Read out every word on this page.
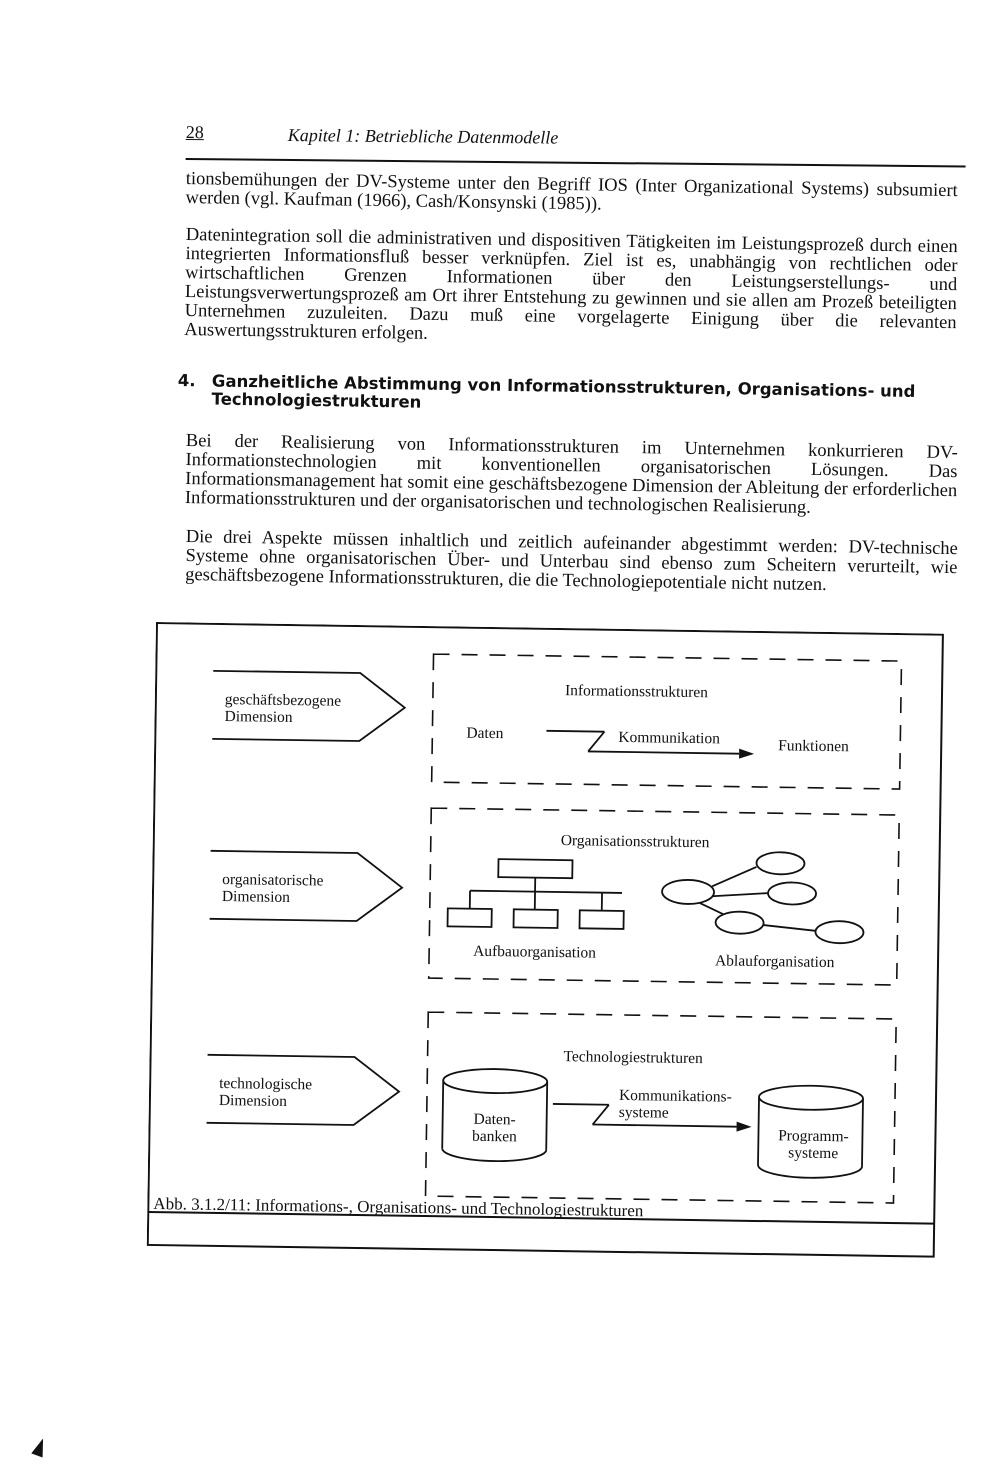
28	Kapitel 1: Betriebliche Datenmodelle

tionsbemühungen der DV-Systeme unter den Begriff IOS (Inter Organizational Systems) subsumiert werden (vgl. Kaufman (1966), Cash/Konsynski (1985)).

Datenintegration soll die administrativen und dispositiven Tätigkeiten im Leistungsprozeß durch einen integrierten Informationsfluß besser verknüpfen. Ziel ist es, unabhängig von rechtlichen oder wirtschaftlichen Grenzen Informationen über den Leistungserstellungs- und Leistungsverwertungsprozeß am Ort ihrer Entstehung zu gewinnen und sie allen am Prozeß beteiligten Unternehmen zuzuleiten. Dazu muß eine vorgelagerte Einigung über die relevanten Auswertungsstrukturen erfolgen.

4. Ganzheitliche Abstimmung von Informationsstrukturen, Organisations- und Technologiestrukturen

Bei der Realisierung von Informationsstrukturen im Unternehmen konkurrieren DV-Informationstechnologien mit konventionellen organisatorischen Lösungen. Das Informationsmanagement hat somit eine geschäftsbezogene Dimension der Ableitung der erforderlichen Informationsstrukturen und der organisatorischen und technologischen Realisierung.

Die drei Aspekte müssen inhaltlich und zeitlich aufeinander abgestimmt werden: DV-technische Systeme ohne organisatorischen Über- und Unterbau sind ebenso zum Scheitern verurteilt, wie geschäftsbezogene Informationsstrukturen, die die Technologiepotentiale nicht nutzen.

geschäftsbezogene
Dimension
organisatorische
Dimension
technologische
Dimension
Informationsstrukturen
Daten	Kommunikation	Funktionen
Organisationsstrukturen
Aufbauorganisation
Ablauforganisation
Technologiestrukturen
Daten-
banken
Kommunikations-
systeme
Programm-
systeme
Abb. 3.1.2/11: Informations-, Organisations- und Technologiestrukturen
